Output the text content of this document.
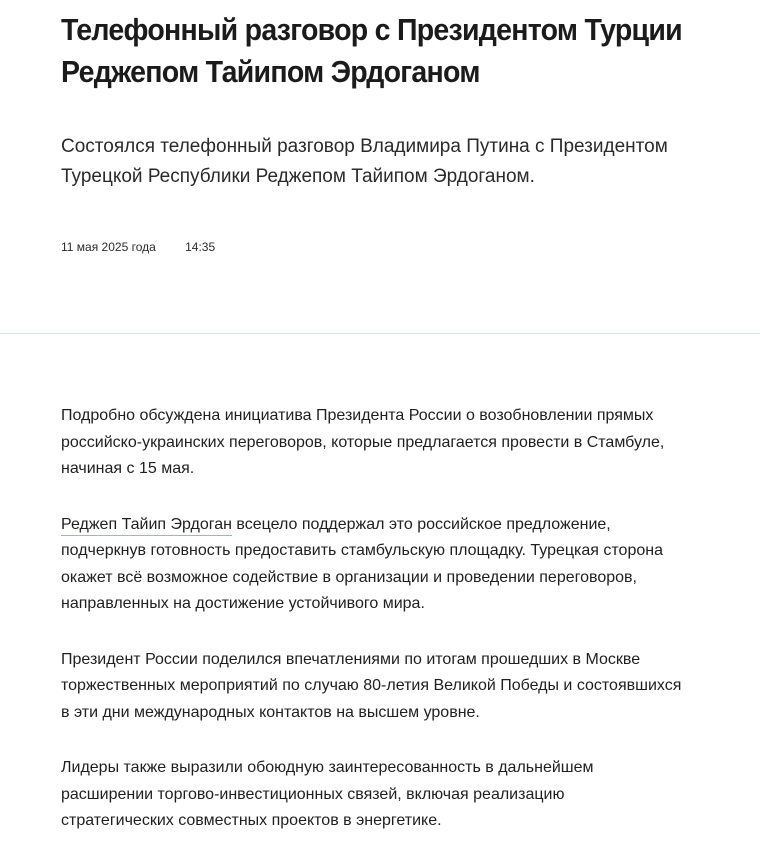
Телефонный разговор с Президентом Турции
Реджепом Тайипом Эрдоганом

Состоялся телефонный разговор Владимира Путина с Президентом
Турецкой Республики Реджепом Тайипом Эрдоганом.

11 мая 2025 года 14:35

Подробно обсуждена инициатива Президента России о возобновлении прямых
российско-украинских переговоров, которые предлагается провести в Стамбуле,
начиная с 15 мая.

Реджеп Тайип Эрдоган всецело поддержал это российское предложение,
подчеркнув готовность предоставить стамбульскую площадку. Турецкая сторона
окажет всё возможное содействие в организации и проведении переговоров,
направленных на достижение устойчивого мира.

Президент России поделился впечатлениями по итогам прошедших в Москве
торжественных мероприятий по случаю 80-летия Великой Победы и состоявшихся
в эти дни международных контактов на высшем уровне.

Лидеры также выразили обоюдную заинтересованность в дальнейшем
расширении торгово-инвестиционных связей, включая реализацию
стратегических совместных проектов в энергетике.
